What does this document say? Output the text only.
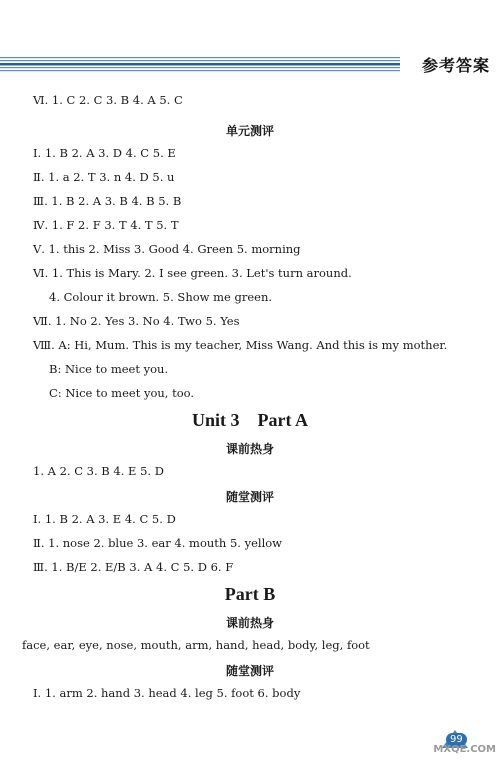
参考答案
Ⅵ. 1. C 2. C 3. B 4. A 5. C
单元测评
Ⅰ. 1. B 2. A 3. D 4. C 5. E
Ⅱ. 1. a 2. T 3. n 4. D 5. u
Ⅲ. 1. B 2. A 3. B 4. B 5. B
Ⅳ. 1. F 2. F 3. T 4. T 5. T
Ⅴ. 1. this 2. Miss 3. Good 4. Green 5. morning
Ⅵ. 1. This is Mary. 2. I see green. 3. Let's turn around.
4. Colour it brown. 5. Show me green.
Ⅶ. 1. No 2. Yes 3. No 4. Two 5. Yes
Ⅷ. A: Hi, Mum. This is my teacher, Miss Wang. And this is my mother.
B: Nice to meet you.
C: Nice to meet you, too.
Unit 3 Part A
课前热身
1. A 2. C 3. B 4. E 5. D
随堂测评
Ⅰ. 1. B 2. A 3. E 4. C 5. D
Ⅱ. 1. nose 2. blue 3. ear 4. mouth 5. yellow
Ⅲ. 1. B/E 2. E/B 3. A 4. C 5. D 6. F
Part B
课前热身
face, ear, eye, nose, mouth, arm, hand, head, body, leg, foot
随堂测评
Ⅰ. 1. arm 2. hand 3. head 4. leg 5. foot 6. body
99
MXQE.COM
